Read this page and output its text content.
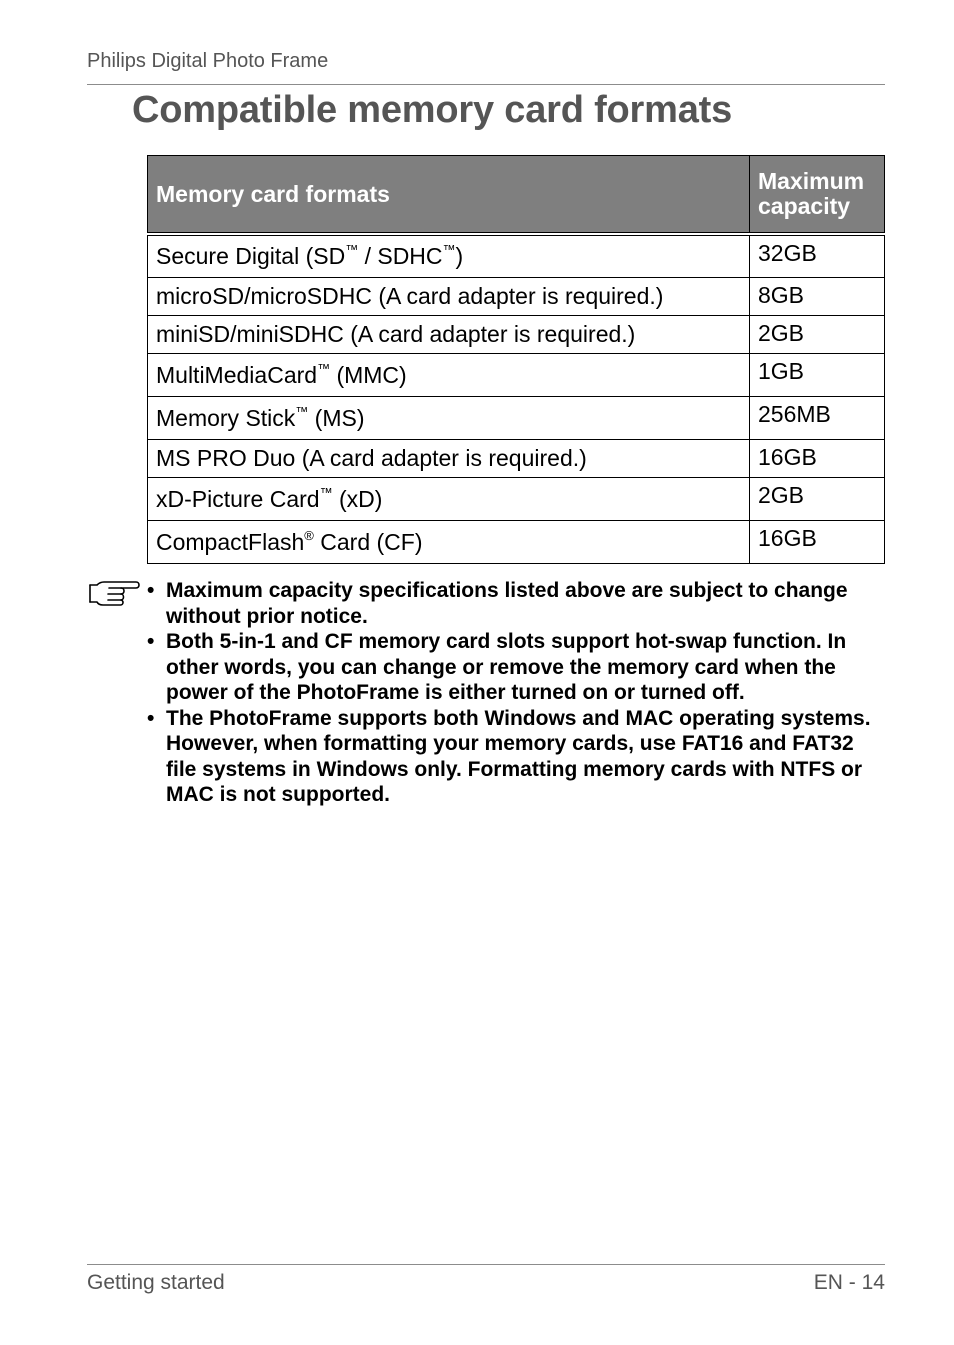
Philips Digital Photo Frame
Compatible memory card formats
Memory card formats	Maximum capacity

Secure Digital (SD™ / SDHC™)	32GB
microSD/microSDHC (A card adapter is required.)	8GB
miniSD/miniSDHC (A card adapter is required.)	2GB
MultiMediaCard™ (MMC)	1GB
Memory Stick™ (MS)	256MB
MS PRO Duo (A card adapter is required.)	16GB
xD-Picture Card™ (xD)	2GB
CompactFlash® Card (CF)	16GB
• Maximum capacity specifications listed above are subject to change without prior notice.
• Both 5-in-1 and CF memory card slots support hot-swap function. In other words, you can change or remove the memory card when the power of the PhotoFrame is either turned on or turned off.
• The PhotoFrame supports both Windows and MAC operating systems. However, when formatting your memory cards, use FAT16 and FAT32 file systems in Windows only. Formatting memory cards with NTFS or MAC is not supported.
Getting started	EN - 14
